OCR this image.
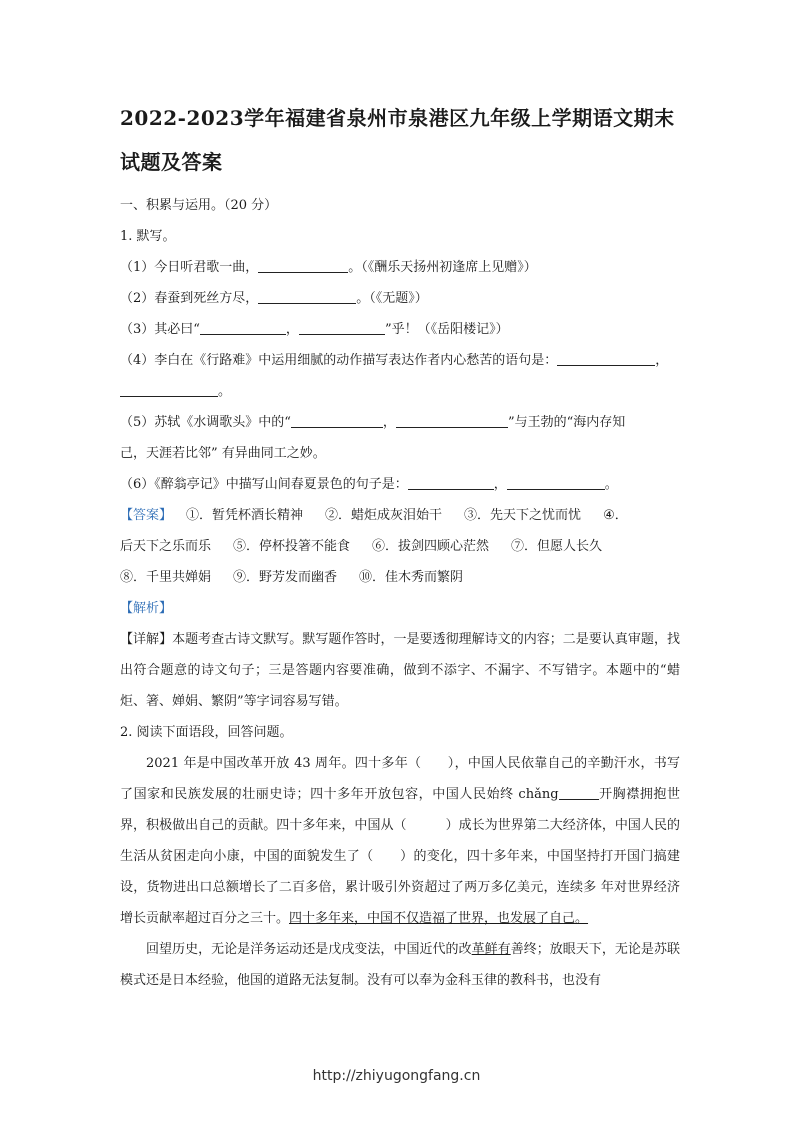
2022-2023学年福建省泉州市泉港区九年级上学期语文期末

试题及答案

一、积累与运用。（20 分）

1. 默写。

（1）今日听君歌一曲，	。（《酬乐天扬州初逢席上见赠》）

（2）春蚕到死丝方尽，	。（《无题》）

（3）其必曰“	，	”乎！（《岳阳楼记》）

（4）李白在《行路难》中运用细腻的动作描写表达作者内心愁苦的语句是：	，

。

（5）苏轼《水调歌头》中的“	，	”与王勃的“海内存知

己，天涯若比邻” 有异曲同工之妙。

（6）《醉翁亭记》中描写山间春夏景色的句子是：	，	。

【答案】 ①．暂凭杯酒长精神 ②．蜡炬成灰泪始干 ③．先天下之忧而忧 ④．

后天下之乐而乐 ⑤．停杯投箸不能食 ⑥．拔剑四顾心茫然 ⑦．但愿人长久

⑧．千里共婵娟 ⑨．野芳发而幽香 ⑩．佳木秀而繁阴

【解析】

【详解】本题考查古诗文默写。默写题作答时，一是要透彻理解诗文的内容；二是要认真审题，找出符合题意的诗文句子；三是答题内容要准确，做到不添字、不漏字、不写错字。本题中的“蜡炬、箸、婵娟、繁阴”等字词容易写错。

2. 阅读下面语段，回答问题。

2021 年是中国改革开放 43 周年。四十多年（　　），中国人民依靠自己的辛勤汗水，书写了国家和民族发展的壮丽史诗；四十多年开放包容，中国人民始终 chǎng	开胸襟拥抱世界，积极做出自己的贡献。四十多年来，中国从（　　　）成长为世界第二大经济体，中国人民的生活从贫困走向小康，中国的面貌发生了（　　）的变化，四十多年来，中国坚持打开国门搞建设，货物进出口总额增长了二百多倍，累计吸引外资超过了两万多亿美元，连续多 年对世界经济增长贡献率超过百分之三十。四十多年来，中国不仅造福了世界，也发展了自己。

回望历史，无论是洋务运动还是戊戌变法，中国近代的改革鲜有善终；放眼天下，无论是苏联模式还是日本经验，他国的道路无法复制。没有可以奉为金科玉律的教科书，也没有

http://zhiyugongfang.cn
